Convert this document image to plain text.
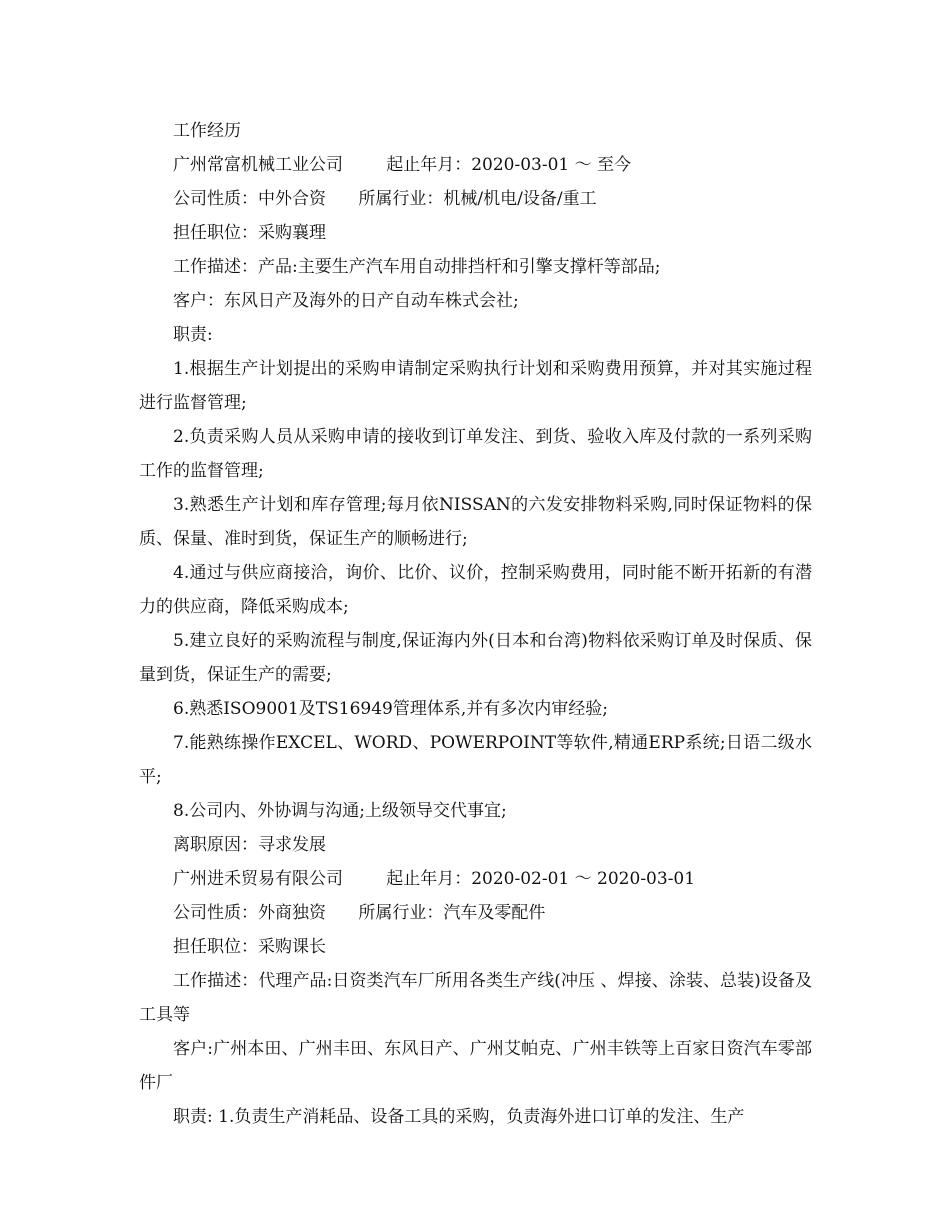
工作经历

广州常富机械工业公司        起止年月：2020-03-01 ～ 至今

公司性质：中外合资      所属行业：机械/机电/设备/重工

担任职位：采购襄理

工作描述：产品:主要生产汽车用自动排挡杆和引擎支撑杆等部品;

客户：东风日产及海外的日产自动车株式会社;

职责:

1.根据生产计划提出的采购申请制定采购执行计划和采购费用预算，并对其实施过程进行监督管理;

2.负责采购人员从采购申请的接收到订单发注、到货、验收入库及付款的一系列采购工作的监督管理;

3.熟悉生产计划和库存管理;每月依NISSAN的六发安排物料采购,同时保证物料的保质、保量、准时到货，保证生产的顺畅进行;

4.通过与供应商接洽，询价、比价、议价，控制采购费用，同时能不断开拓新的有潜力的供应商，降低采购成本;

5.建立良好的采购流程与制度,保证海内外(日本和台湾)物料依采购订单及时保质、保量到货，保证生产的需要;

6.熟悉ISO9001及TS16949管理体系,并有多次内审经验;

7.能熟练操作EXCEL、WORD、POWERPOINT等软件,精通ERP系统;日语二级水平;

8.公司内、外协调与沟通;上级领导交代事宜;

离职原因：寻求发展

广州进禾贸易有限公司        起止年月：2020-02-01 ～ 2020-03-01

公司性质：外商独资      所属行业：汽车及零配件

担任职位：采购课长

工作描述：代理产品:日资类汽车厂所用各类生产线(冲压 、焊接、涂装、总装)设备及工具等

客户:广州本田、广州丰田、东风日产、广州艾帕克、广州丰铁等上百家日资汽车零部件厂

职责: 1.负责生产消耗品、设备工具的采购，负责海外进口订单的发注、生产
